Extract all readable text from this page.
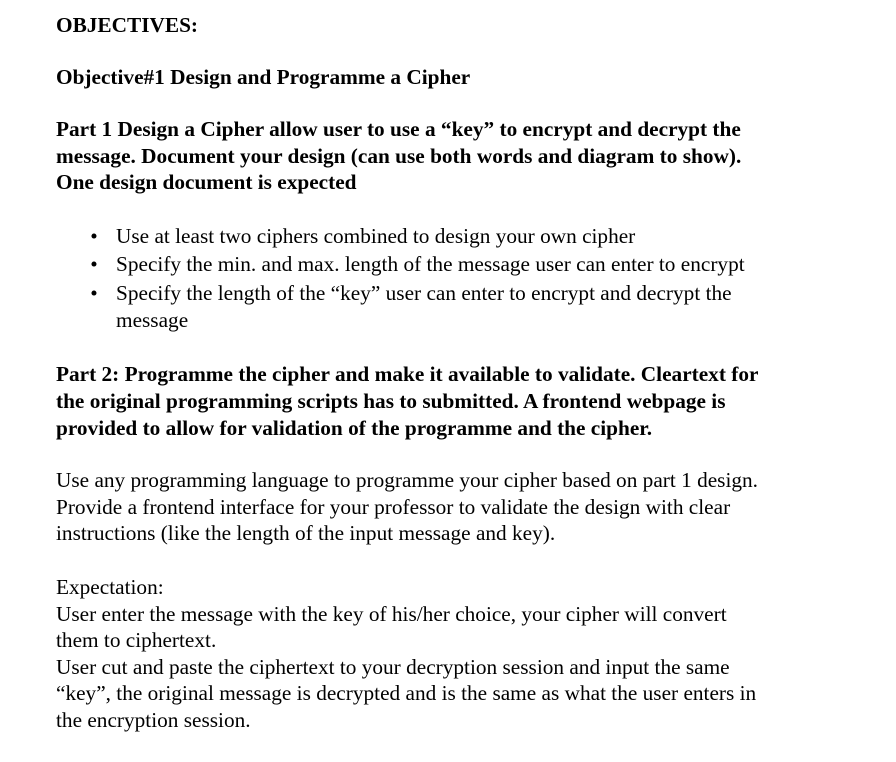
OBJECTIVES:
Objective#1 Design and Programme a Cipher
Part 1 Design a Cipher allow user to use a “key” to encrypt and decrypt the
message. Document your design (can use both words and diagram to show).
One design document is expected
• Use at least two ciphers combined to design your own cipher
• Specify the min. and max. length of the message user can enter to encrypt
• Specify the length of the “key” user can enter to encrypt and decrypt the
message
Part 2: Programme the cipher and make it available to validate. Cleartext for
the original programming scripts has to submitted. A frontend webpage is
provided to allow for validation of the programme and the cipher.
Use any programming language to programme your cipher based on part 1 design.
Provide a frontend interface for your professor to validate the design with clear
instructions (like the length of the input message and key).
Expectation:
User enter the message with the key of his/her choice, your cipher will convert
them to ciphertext.
User cut and paste the ciphertext to your decryption session and input the same
“key”, the original message is decrypted and is the same as what the user enters in
the encryption session.
